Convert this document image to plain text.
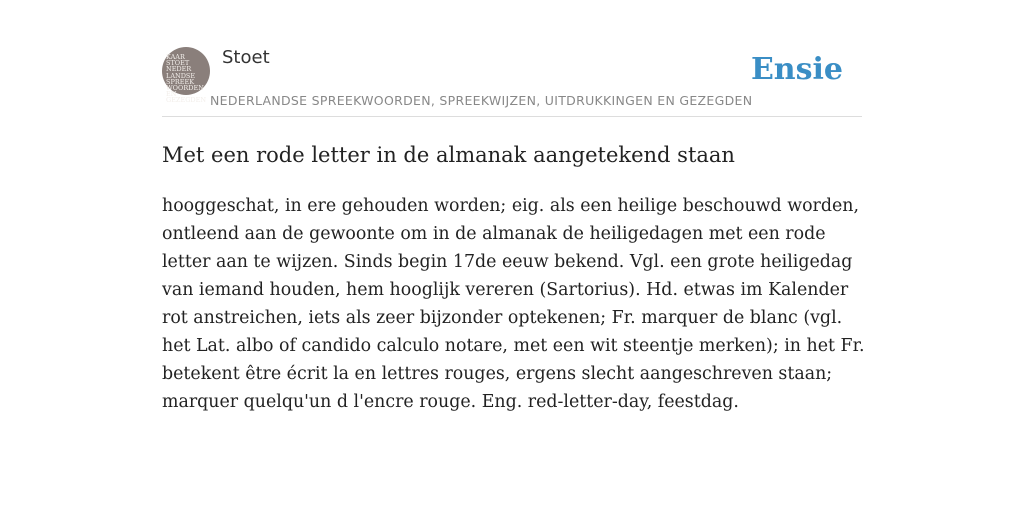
KAAR STOET
NEDER
LANDSE
SPREEK
WOORDEN EN
GEZEGDEN
Stoet
NEDERLANDSE SPREEKWOORDEN, SPREEKWIJZEN, UITDRUKKINGEN EN GEZEGDEN
Ensie
Met een rode letter in de almanak aangetekend staan

hooggeschat, in ere gehouden worden; eig. als een heilige beschouwd worden, ontleend aan de gewoonte om in de almanak de heiligedagen met een rode letter aan te wijzen. Sinds begin 17de eeuw bekend. Vgl. een grote heiligedag van iemand houden, hem hooglijk vereren (Sartorius). Hd. etwas im Kalender rot anstreichen, iets als zeer bijzonder optekenen; Fr. marquer de blanc (vgl. het Lat. albo of candido calculo notare, met een wit steentje merken); in het Fr. betekent être écrit la en lettres rouges, ergens slecht aangeschreven staan; marquer quelqu'un d l'encre rouge. Eng. red-letter-day, feestdag.
